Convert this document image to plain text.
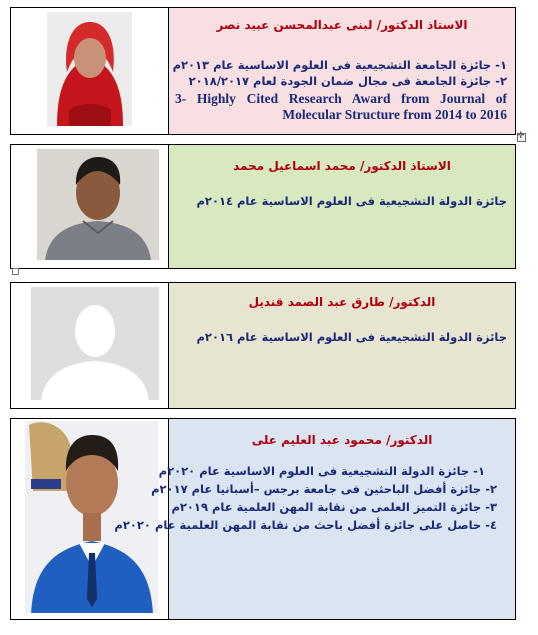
الاستاذ الدكتور/ لبنى عبدالمحسن عبيد نصر
١- جائزة الجامعة التشجيعية فى العلوم الاساسية عام ٢٠١٣م
٢- جائزة الجامعة فى مجال ضمان الجودة لعام ٢٠١٨/٢٠١٧
3- Highly Cited Research Award from Journal of Molecular Structure from 2014 to 2016
✛
الاستاذ الدكتور/ محمد اسماعيل محمد
جائزة الدولة التشجيعية فى العلوم الاساسية عام ٢٠١٤م
الدكتور/ طارق عبد الصمد قنديل
جائزة الدولة التشجيعية فى العلوم الاساسية عام ٢٠١٦م
الدكتور/ محمود عبد العليم على
١- جائزة الدولة التشجيعية فى العلوم الاساسية عام ٢٠٢٠م
٢- جائزة أفضل الباحثين فى جامعة برجس –أسبانيا عام ٢٠١٧م
٣- جائزة التميز العلمى من نقابة المهن العلمية عام ٢٠١٩م
٤- حاصل على جائزة أفضل باحث من نقابة المهن العلمية عام ٢٠٢٠م
